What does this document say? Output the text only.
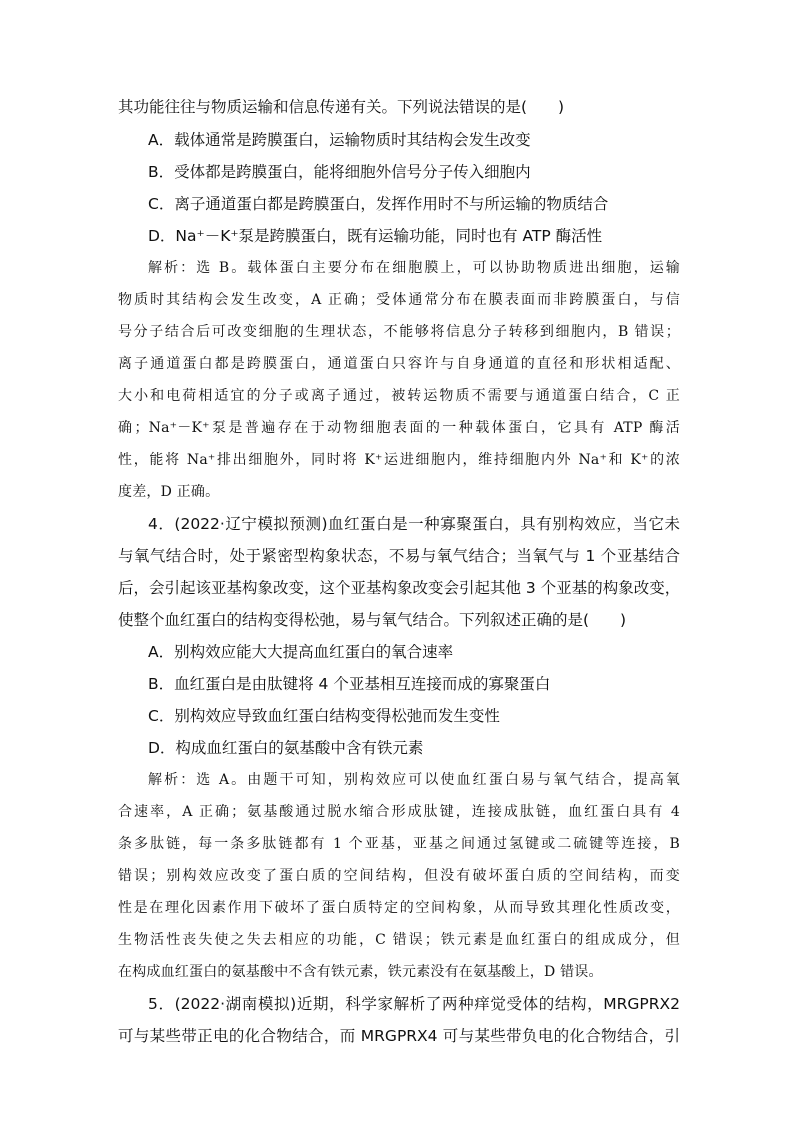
其功能往往与物质运输和信息传递有关。下列说法错误的是(　　)
A．载体通常是跨膜蛋白，运输物质时其结构会发生改变
B．受体都是跨膜蛋白，能将细胞外信号分子传入细胞内
C．离子通道蛋白都是跨膜蛋白，发挥作用时不与所运输的物质结合
D．Na⁺－K⁺泵是跨膜蛋白，既有运输功能，同时也有 ATP 酶活性
解析：选 B。载体蛋白主要分布在细胞膜上，可以协助物质进出细胞，运输
物质时其结构会发生改变，A 正确；受体通常分布在膜表面而非跨膜蛋白，与信
号分子结合后可改变细胞的生理状态，不能够将信息分子转移到细胞内，B 错误；
离子通道蛋白都是跨膜蛋白，通道蛋白只容许与自身通道的直径和形状相适配、
大小和电荷相适宜的分子或离子通过，被转运物质不需要与通道蛋白结合，C 正
确；Na⁺－K⁺泵是普遍存在于动物细胞表面的一种载体蛋白，它具有 ATP 酶活
性，能将 Na⁺排出细胞外，同时将 K⁺运进细胞内，维持细胞内外 Na⁺和 K⁺的浓
度差，D 正确。
4．(2022·辽宁模拟预测)血红蛋白是一种寡聚蛋白，具有别构效应，当它未
与氧气结合时，处于紧密型构象状态，不易与氧气结合；当氧气与 1 个亚基结合
后，会引起该亚基构象改变，这个亚基构象改变会引起其他 3 个亚基的构象改变，
使整个血红蛋白的结构变得松弛，易与氧气结合。下列叙述正确的是(　　)
A．别构效应能大大提高血红蛋白的氧合速率
B．血红蛋白是由肽键将 4 个亚基相互连接而成的寡聚蛋白
C．别构效应导致血红蛋白结构变得松弛而发生变性
D．构成血红蛋白的氨基酸中含有铁元素
解析：选 A。由题干可知，别构效应可以使血红蛋白易与氧气结合，提高氧
合速率，A 正确；氨基酸通过脱水缩合形成肽键，连接成肽链，血红蛋白具有 4
条多肽链，每一条多肽链都有 1 个亚基，亚基之间通过氢键或二硫键等连接，B
错误；别构效应改变了蛋白质的空间结构，但没有破坏蛋白质的空间结构，而变
性是在理化因素作用下破坏了蛋白质特定的空间构象，从而导致其理化性质改变，
生物活性丧失使之失去相应的功能，C 错误；铁元素是血红蛋白的组成成分，但
在构成血红蛋白的氨基酸中不含有铁元素，铁元素没有在氨基酸上，D 错误。
5．(2022·湖南模拟)近期，科学家解析了两种痒觉受体的结构，MRGPRX2
可与某些带正电的化合物结合，而 MRGPRX4 可与某些带负电的化合物结合，引
